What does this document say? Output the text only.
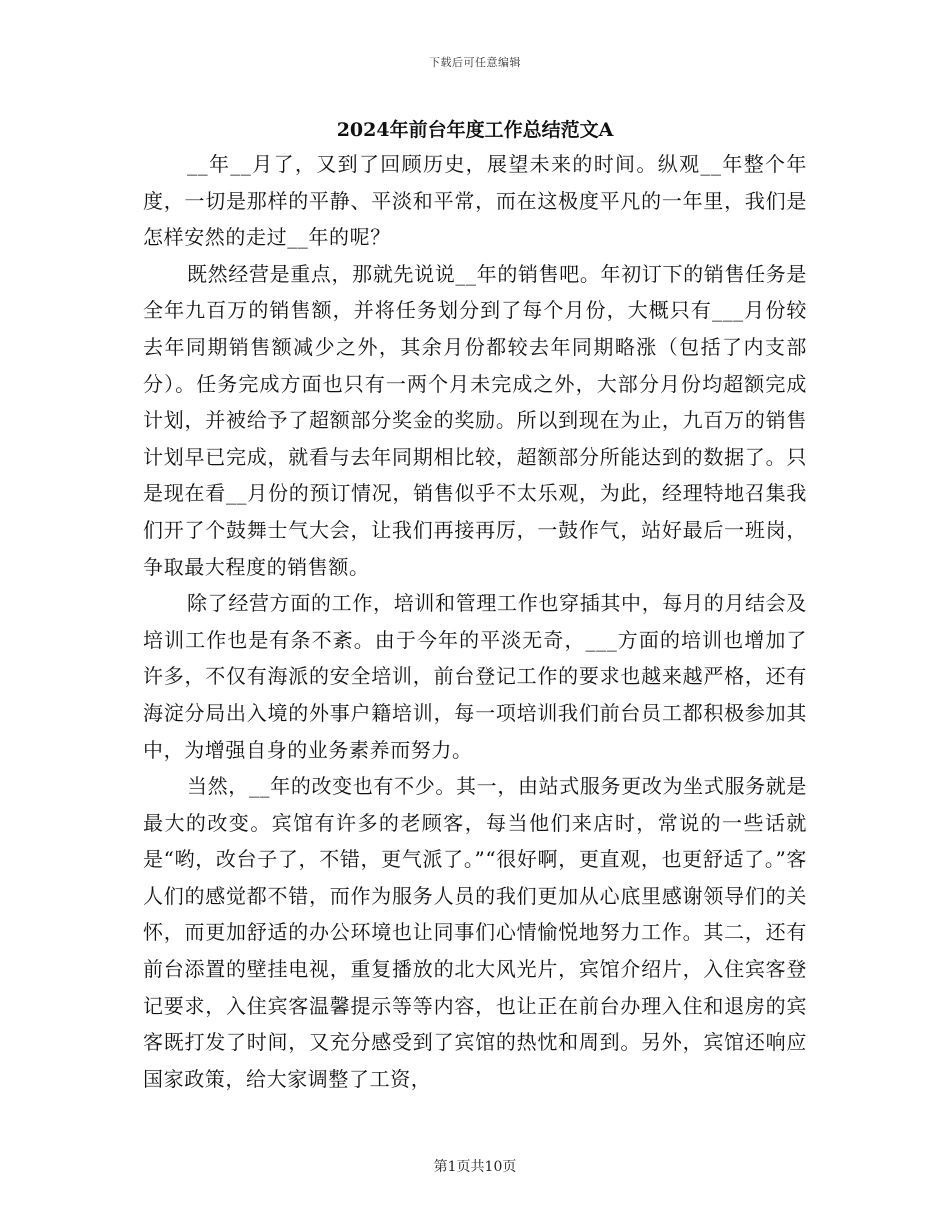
下载后可任意编辑
2024年前台年度工作总结范文A

__年__月了，又到了回顾历史，展望未来的时间。纵观__年整个年度，一切是那样的平静、平淡和平常，而在这极度平凡的一年里，我们是怎样安然的走过__年的呢？

既然经营是重点，那就先说说__年的销售吧。年初订下的销售任务是全年九百万的销售额，并将任务划分到了每个月份，大概只有___月份较去年同期销售额减少之外，其余月份都较去年同期略涨（包括了内支部分）。任务完成方面也只有一两个月未完成之外，大部分月份均超额完成计划，并被给予了超额部分奖金的奖励。所以到现在为止，九百万的销售计划早已完成，就看与去年同期相比较，超额部分所能达到的数据了。只是现在看__月份的预订情况，销售似乎不太乐观，为此，经理特地召集我们开了个鼓舞士气大会，让我们再接再厉，一鼓作气，站好最后一班岗，争取最大程度的销售额。

除了经营方面的工作，培训和管理工作也穿插其中，每月的月结会及培训工作也是有条不紊。由于今年的平淡无奇，___方面的培训也增加了许多，不仅有海派的安全培训，前台登记工作的要求也越来越严格，还有海淀分局出入境的外事户籍培训，每一项培训我们前台员工都积极参加其中，为增强自身的业务素养而努力。

当然，__年的改变也有不少。其一，由站式服务更改为坐式服务就是最大的改变。宾馆有许多的老顾客，每当他们来店时，常说的一些话就是“哟，改台子了，不错，更气派了。”“很好啊，更直观，也更舒适了。”客人们的感觉都不错，而作为服务人员的我们更加从心底里感谢领导们的关怀，而更加舒适的办公环境也让同事们心情愉悦地努力工作。其二，还有前台添置的壁挂电视，重复播放的北大风光片，宾馆介绍片，入住宾客登记要求，入住宾客温馨提示等等内容，也让正在前台办理入住和退房的宾客既打发了时间，又充分感受到了宾馆的热忱和周到。另外，宾馆还响应国家政策，给大家调整了工资，

第1页共10页
